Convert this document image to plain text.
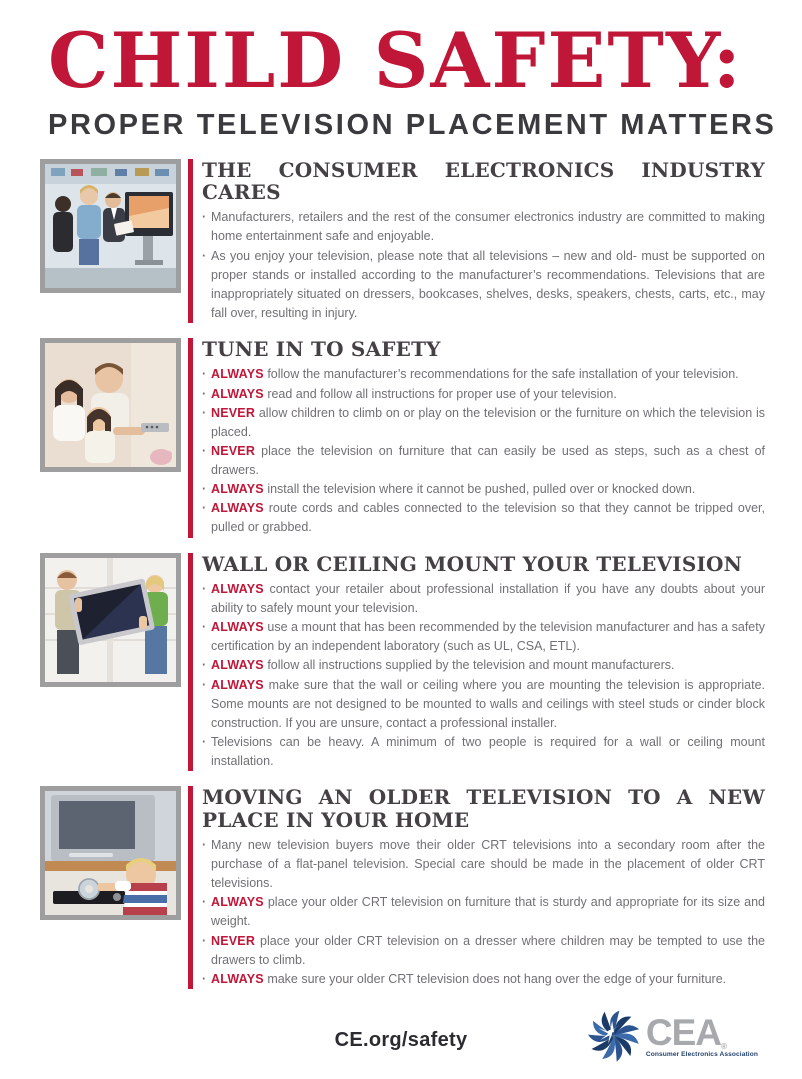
CHILD SAFETY:
PROPER TELEVISION PLACEMENT MATTERS
THE CONSUMER ELECTRONICS INDUSTRY CARES
· Manufacturers, retailers and the rest of the consumer electronics industry are committed to making home entertainment safe and enjoyable.

· As you enjoy your television, please note that all televisions – new and old- must be supported on proper stands or installed according to the manufacturer’s recommendations. Televisions that are inappropriately situated on dressers, bookcases, shelves, desks, speakers, chests, carts, etc., may fall over, resulting in injury.

TUNE IN TO SAFETY
· ALWAYS follow the manufacturer’s recommendations for the safe installation of your television.

· ALWAYS read and follow all instructions for proper use of your television.

· NEVER allow children to climb on or play on the television or the furniture on which the television is placed.

· NEVER place the television on furniture that can easily be used as steps, such as a chest of drawers.

· ALWAYS install the television where it cannot be pushed, pulled over or knocked down.

· ALWAYS route cords and cables connected to the television so that they cannot be tripped over, pulled or grabbed.

WALL OR CEILING MOUNT YOUR TELEVISION
· ALWAYS contact your retailer about professional installation if you have any doubts about your ability to safely mount your television.

· ALWAYS use a mount that has been recommended by the television manufacturer and has a safety certification by an independent laboratory (such as UL, CSA, ETL).

· ALWAYS follow all instructions supplied by the television and mount manufacturers.

· ALWAYS make sure that the wall or ceiling where you are mounting the television is appropriate. Some mounts are not designed to be mounted to walls and ceilings with steel studs or cinder block construction. If you are unsure, contact a professional installer.

· Televisions can be heavy. A minimum of two people is required for a wall or ceiling mount installation.

MOVING AN OLDER TELEVISION TO A NEW PLACE IN YOUR HOME
· Many new television buyers move their older CRT televisions into a secondary room after the purchase of a flat-panel television. Special care should be made in the placement of older CRT televisions.

· ALWAYS place your older CRT television on furniture that is sturdy and appropriate for its size and weight.

· NEVER place your older CRT television on a dresser where children may be tempted to use the drawers to climb.

· ALWAYS make sure your older CRT television does not hang over the edge of your furniture.

CE.org/safety	CEA®
Consumer Electronics Association
